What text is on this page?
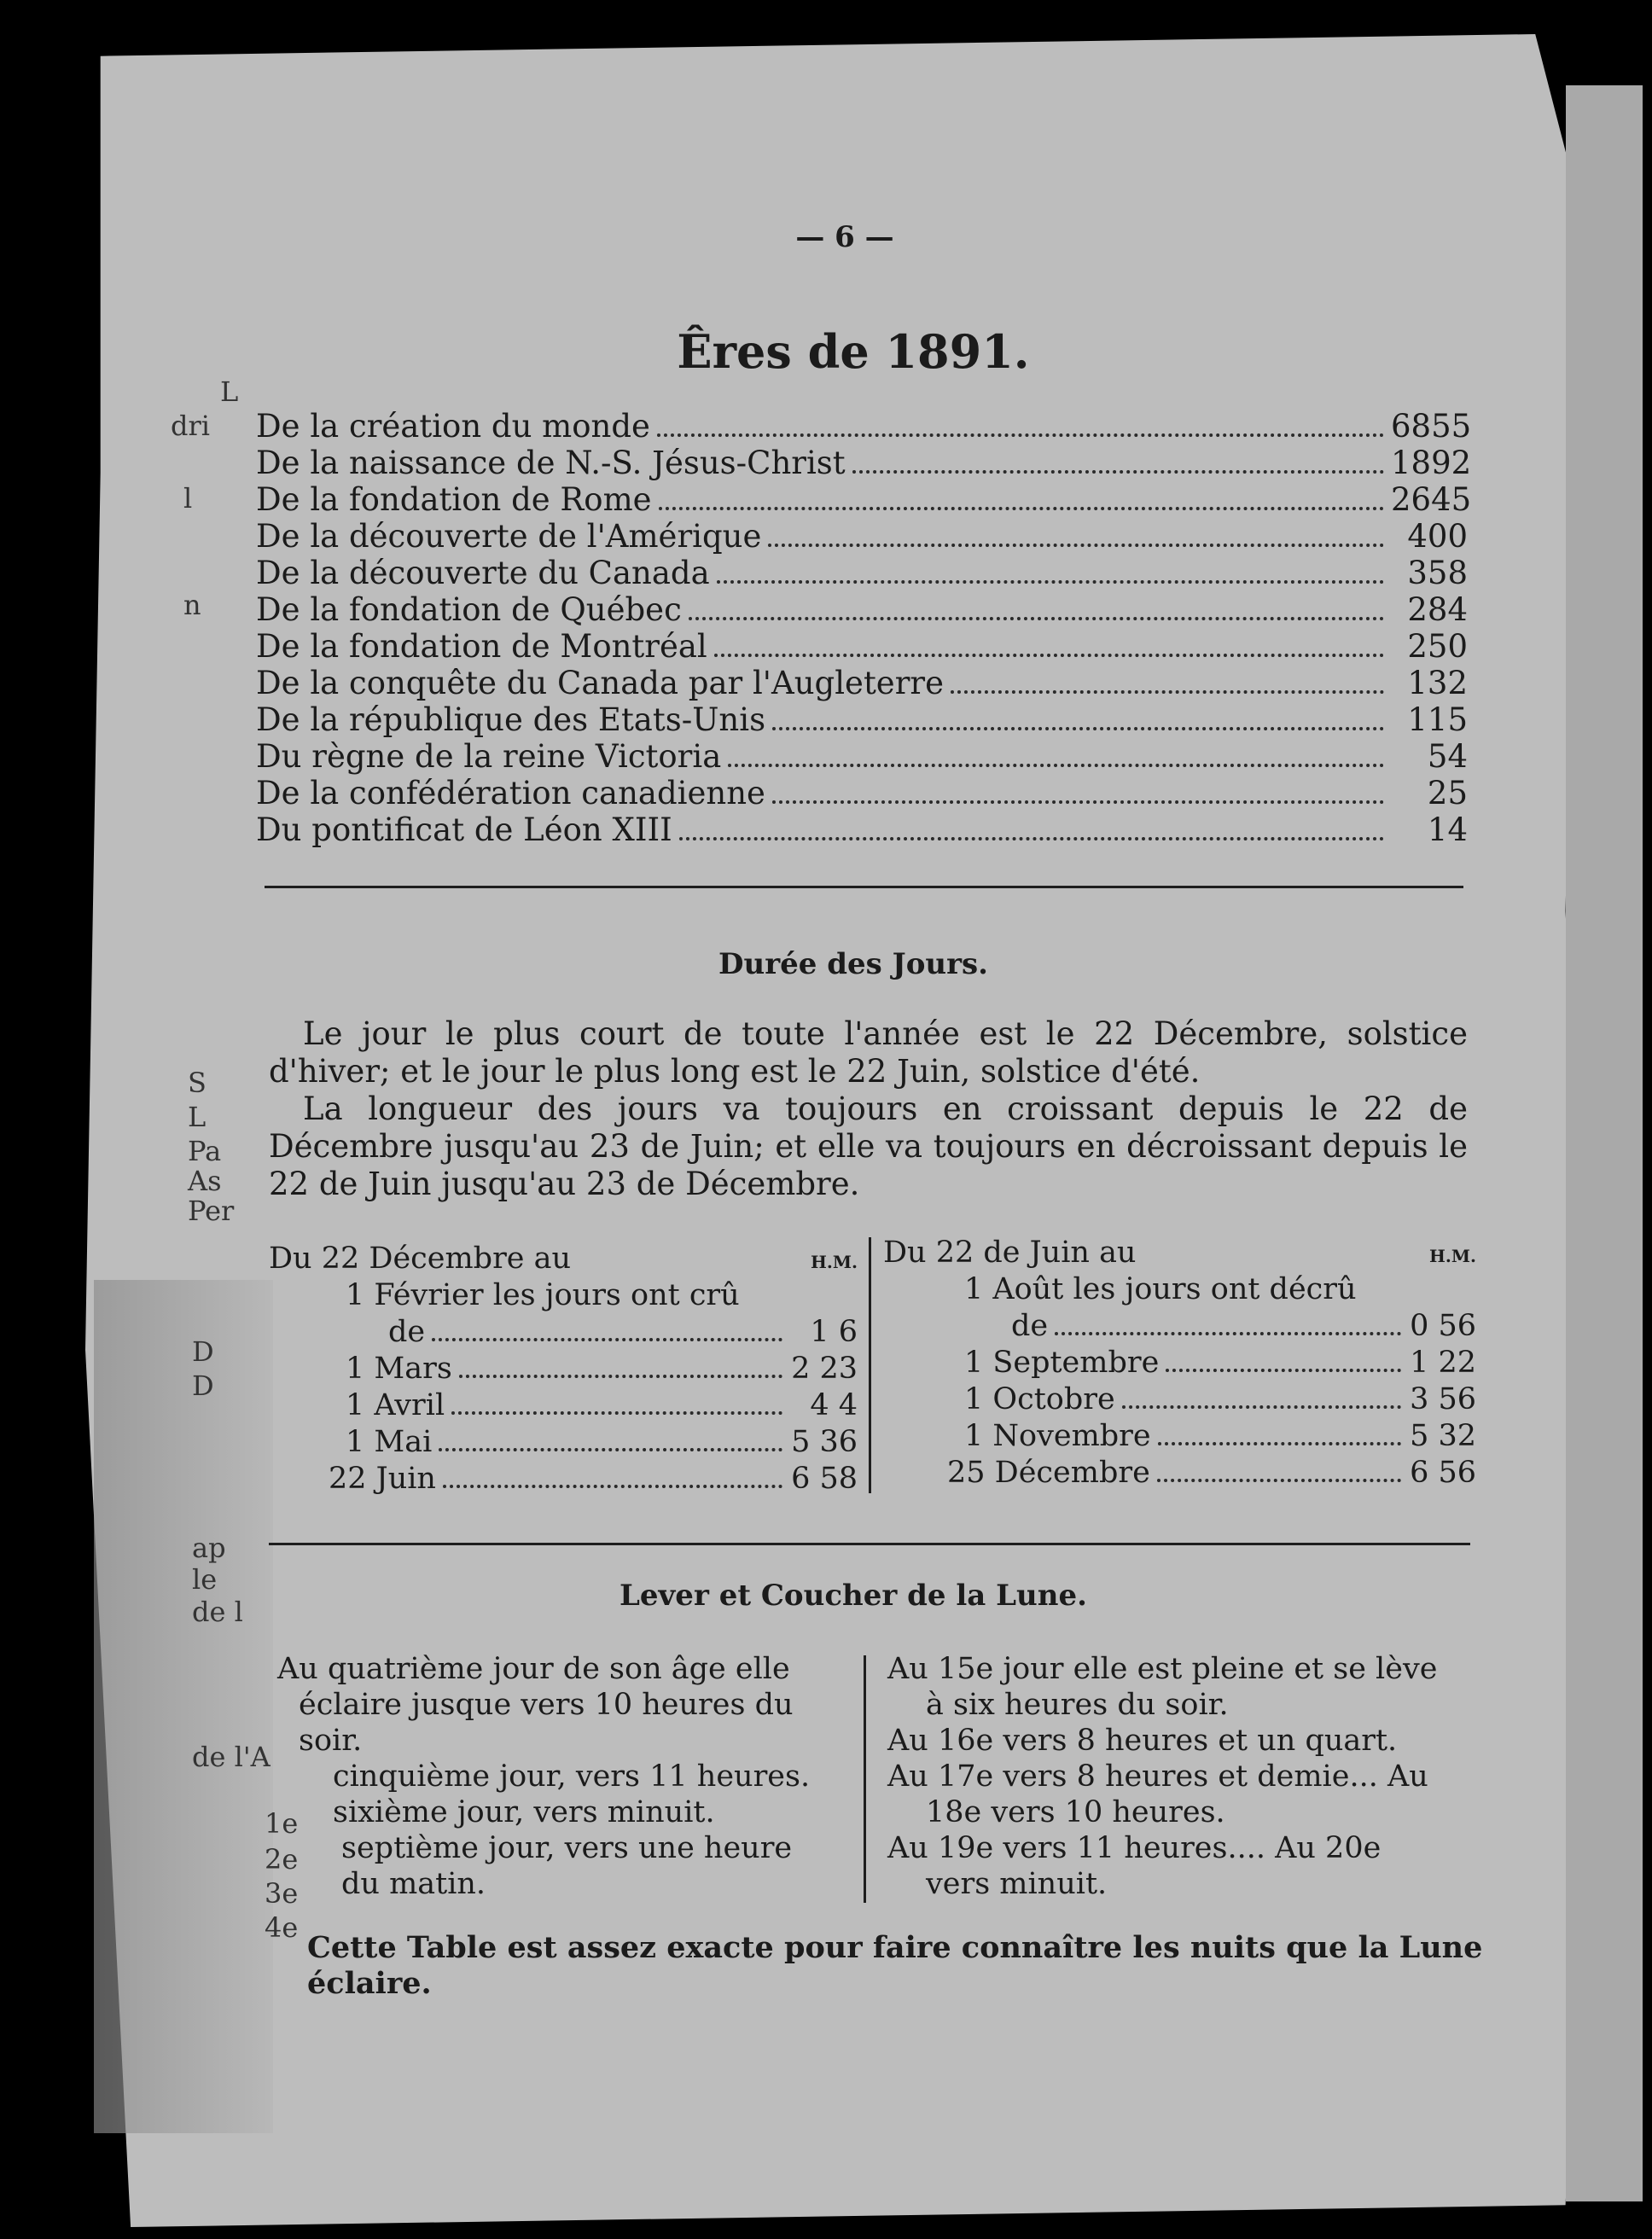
L
dri
l
n
S
L
Pa
As
Per
D
D
ap
le
de l
de l'A
1e
2e
3e
4e
— 6 —
Êres de 1891.
De la création du monde	6855
De la naissance de N.-S. Jésus-Christ	1892
De la fondation de Rome	2645
De la découverte de l'Amérique	400
De la découverte du Canada	358
De la fondation de Québec	284
De la fondation de Montréal	250
De la conquête du Canada par l'Augleterre	132
De la république des Etats-Unis	115
Du règne de la reine Victoria	54
De la confédération canadienne	25
Du pontificat de Léon XIII	14
Durée des Jours.

Le jour le plus court de toute l'année est le 22 Décembre, solstice d'hiver; et le jour le plus long est le 22 Juin, solstice d'été.

La longueur des jours va toujours en croissant depuis le 22 de Décembre jusqu'au 23 de Juin; et elle va toujours en décroissant depuis le 22 de Juin jusqu'au 23 de Décembre.

Du 22 Décembre au	H.M.
1 Février les jours ont crû
de	1 6
1 Mars	2 23
1 Avril	4 4
1 Mai	5 36
22 Juin	6 58
Du 22 de Juin au	H.M.
1 Août les jours ont décrû
de	0 56
1 Septembre	1 22
1 Octobre	3 56
1 Novembre	5 32
25 Décembre	6 56
Lever et Coucher de la Lune.

Au quatrième jour de son âge elle

éclaire jusque vers 10 heures du

soir.

cinquième jour, vers 11 heures.

sixième jour, vers minuit.

septième jour, vers une heure

du matin.

Au 15e jour elle est pleine et se lève

à six heures du soir.

Au 16e vers 8 heures et un quart.

Au 17e vers 8 heures et demie... Au

18e vers 10 heures.

Au 19e vers 11 heures.... Au 20e

vers minuit.

Cette Table est assez exacte pour faire connaître les nuits que la Lune

éclaire.
